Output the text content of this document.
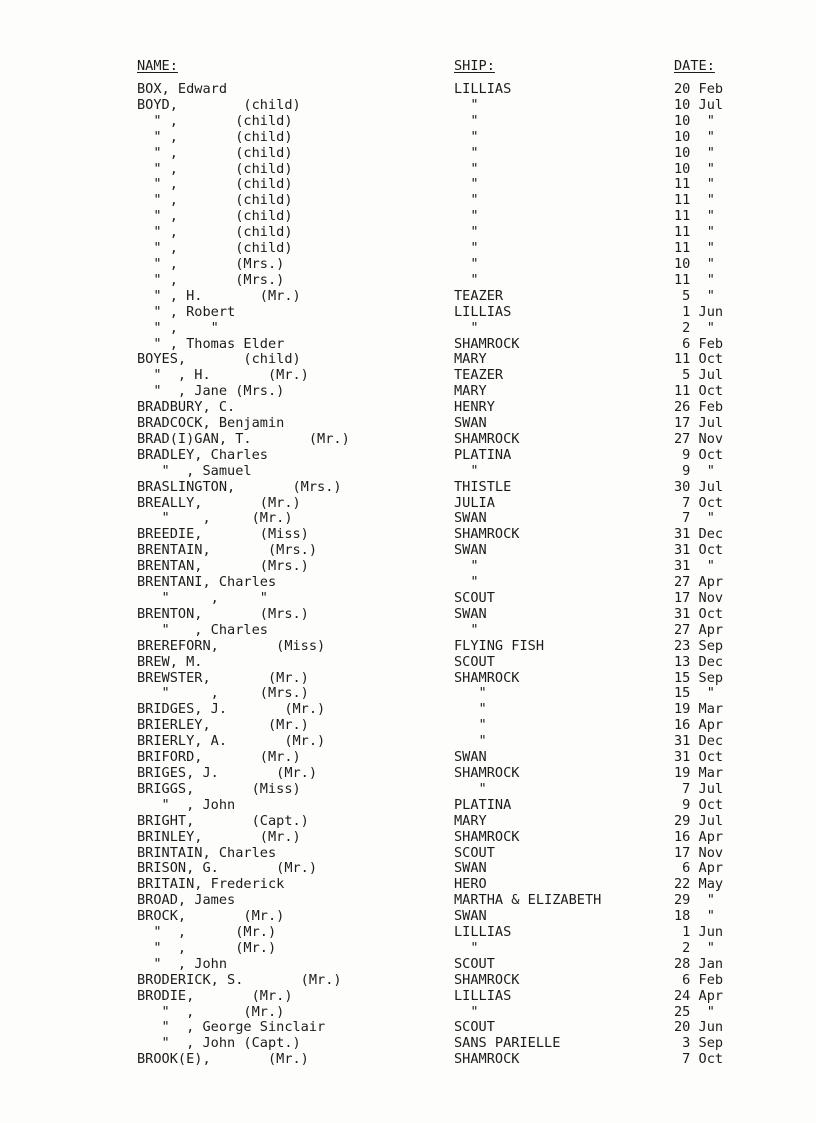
NAME:	SHIP:	DATE:
BOX, Edward	LILLIAS	20 Feb
BOYD,        (child)	"	10 Jul
" ,       (child)	"	10  "
" ,       (child)	"	10  "
" ,       (child)	"	10  "
" ,       (child)	"	10  "
" ,       (child)	"	11  "
" ,       (child)	"	11  "
" ,       (child)	"	11  "
" ,       (child)	"	11  "
" ,       (child)	"	11  "
" ,       (Mrs.)	"	10  "
" ,       (Mrs.)	"	11  "
" , H.       (Mr.)	TEAZER	5  "
" , Robert	LILLIAS	1 Jun
" ,    "	"	2  "
" , Thomas Elder	SHAMROCK	6 Feb
BOYES,       (child)	MARY	11 Oct
"  , H.       (Mr.)	TEAZER	5 Jul
"  , Jane (Mrs.)	MARY	11 Oct
BRADBURY, C.	HENRY	26 Feb
BRADCOCK, Benjamin	SWAN	17 Jul
BRAD(I)GAN, T.       (Mr.)	SHAMROCK	27 Nov
BRADLEY, Charles	PLATINA	9 Oct
"  , Samuel	"	9  "
BRASLINGTON,       (Mrs.)	THISTLE	30 Jul
BREALLY,       (Mr.)	JULIA	7 Oct
"    ,     (Mr.)	SWAN	7  "
BREEDIE,       (Miss)	SHAMROCK	31 Dec
BRENTAIN,       (Mrs.)	SWAN	31 Oct
BRENTAN,       (Mrs.)	"	31  "
BRENTANI, Charles	"	27 Apr
"     ,     "	SCOUT	17 Nov
BRENTON,       (Mrs.)	SWAN	31 Oct
"   , Charles	"	27 Apr
BREREFORN,       (Miss)	FLYING FISH	23 Sep
BREW, M.	SCOUT	13 Dec
BREWSTER,       (Mr.)	SHAMROCK	15 Sep
"     ,     (Mrs.)	"	15  "
BRIDGES, J.       (Mr.)	"	19 Mar
BRIERLEY,       (Mr.)	"	16 Apr
BRIERLY, A.       (Mr.)	"	31 Dec
BRIFORD,       (Mr.)	SWAN	31 Oct
BRIGES, J.       (Mr.)	SHAMROCK	19 Mar
BRIGGS,       (Miss)	"	7 Jul
"  , John	PLATINA	9 Oct
BRIGHT,       (Capt.)	MARY	29 Jul
BRINLEY,       (Mr.)	SHAMROCK	16 Apr
BRINTAIN, Charles	SCOUT	17 Nov
BRISON, G.       (Mr.)	SWAN	6 Apr
BRITAIN, Frederick	HERO	22 May
BROAD, James	MARTHA & ELIZABETH	29  "
BROCK,       (Mr.)	SWAN	18  "
"  ,      (Mr.)	LILLIAS	1 Jun
"  ,      (Mr.)	"	2  "
"  , John	SCOUT	28 Jan
BRODERICK, S.       (Mr.)	SHAMROCK	6 Feb
BRODIE,       (Mr.)	LILLIAS	24 Apr
"  ,      (Mr.)	"	25  "
"  , George Sinclair	SCOUT	20 Jun
"  , John (Capt.)	SANS PARIELLE	3 Sep
BROOK(E),       (Mr.)	SHAMROCK	7 Oct
